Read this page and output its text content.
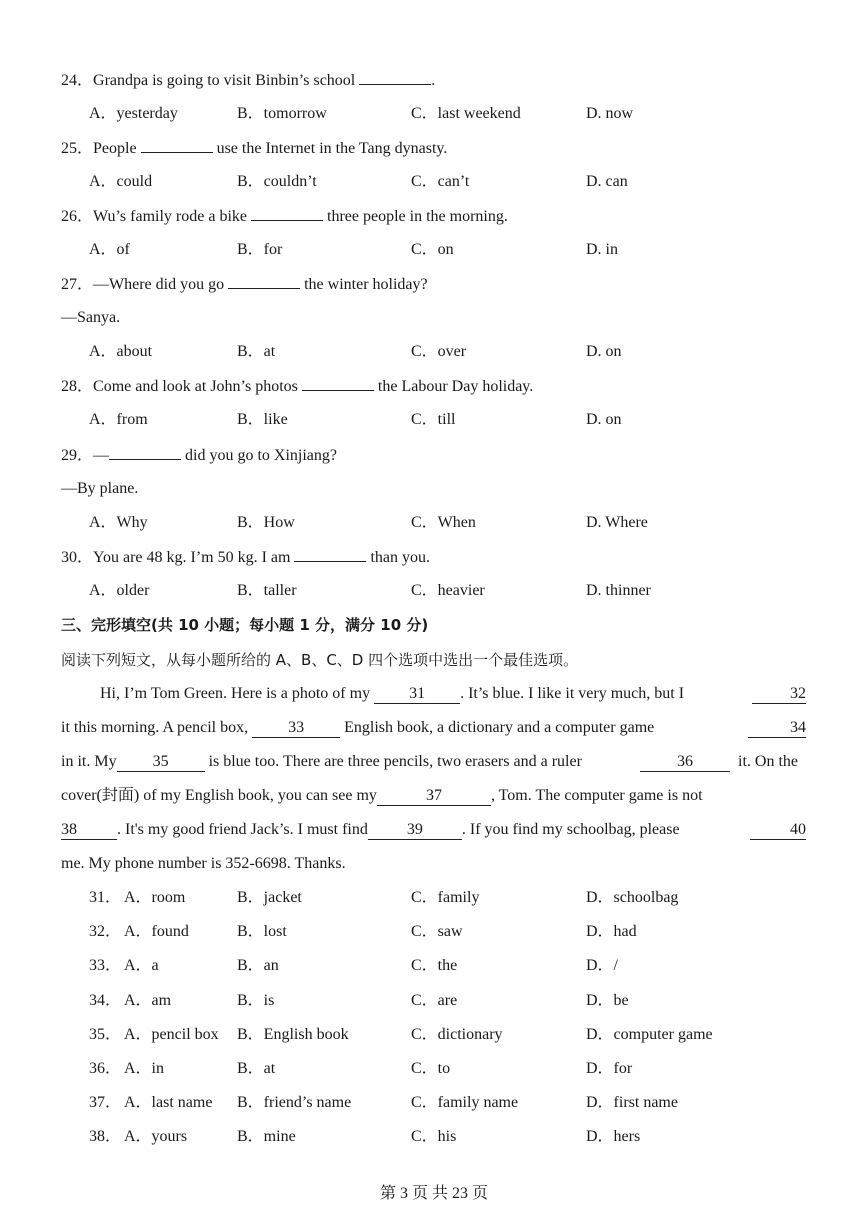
24．Grandpa is going to visit Binbin’s school	.
A．yesterday	B．tomorrow	C．last weekend	D. now
25．People	use the Internet in the Tang dynasty.
A．could	B．couldn’t	C．can’t	D. can
26．Wu’s family rode a bike	three people in the morning.
A．of	B．for	C．on	D. in
27．—Where did you go	the winter holiday?
—Sanya.
A．about	B．at	C．over	D. on
28．Come and look at John’s photos	the Labour Day holiday.
A．from	B．like	C．till	D. on
29．—	did you go to Xinjiang?
—By plane.
A．Why	B．How	C．When	D. Where
30．You are 48 kg. I’m 50 kg. I am	than you.
A．older	B．taller	C．heavier	D. thinner
三、完形填空(共 10 小题；每小题 1 分，满分 10 分)
阅读下列短文，从每小题所给的 A、B、C、D 四个选项中选出一个最佳选项。
Hi, I’m Tom Green. Here is a photo of my 31 . It’s blue. I like it very much, but I	32
it this morning. A pencil box, 33 English book, a dictionary and a computer game	34
in it. My 35 is blue too. There are three pencils, two erasers and a ruler	36	it. On the
cover(封面) of my English book, you can see my	37	, Tom. The computer game is not
38	. It's my good friend Jack’s. I must find 39 . If you find my schoolbag, please	40
me. My phone number is 352-6698. Thanks.
31． A．room	B．jacket	C．family	D．schoolbag
32． A．found	B．lost	C．saw	D．had
33． A．a	B．an	C．the	D．/
34． A．am	B．is	C．are	D．be
35． A．pencil box B．English book	C．dictionary	D．computer game
36． A．in	B．at	C．to	D．for
37． A．last name B．friend’s name	C．family name	D．first name
38． A．yours	B．mine	C．his	D．hers
第 3 页 共 23 页
